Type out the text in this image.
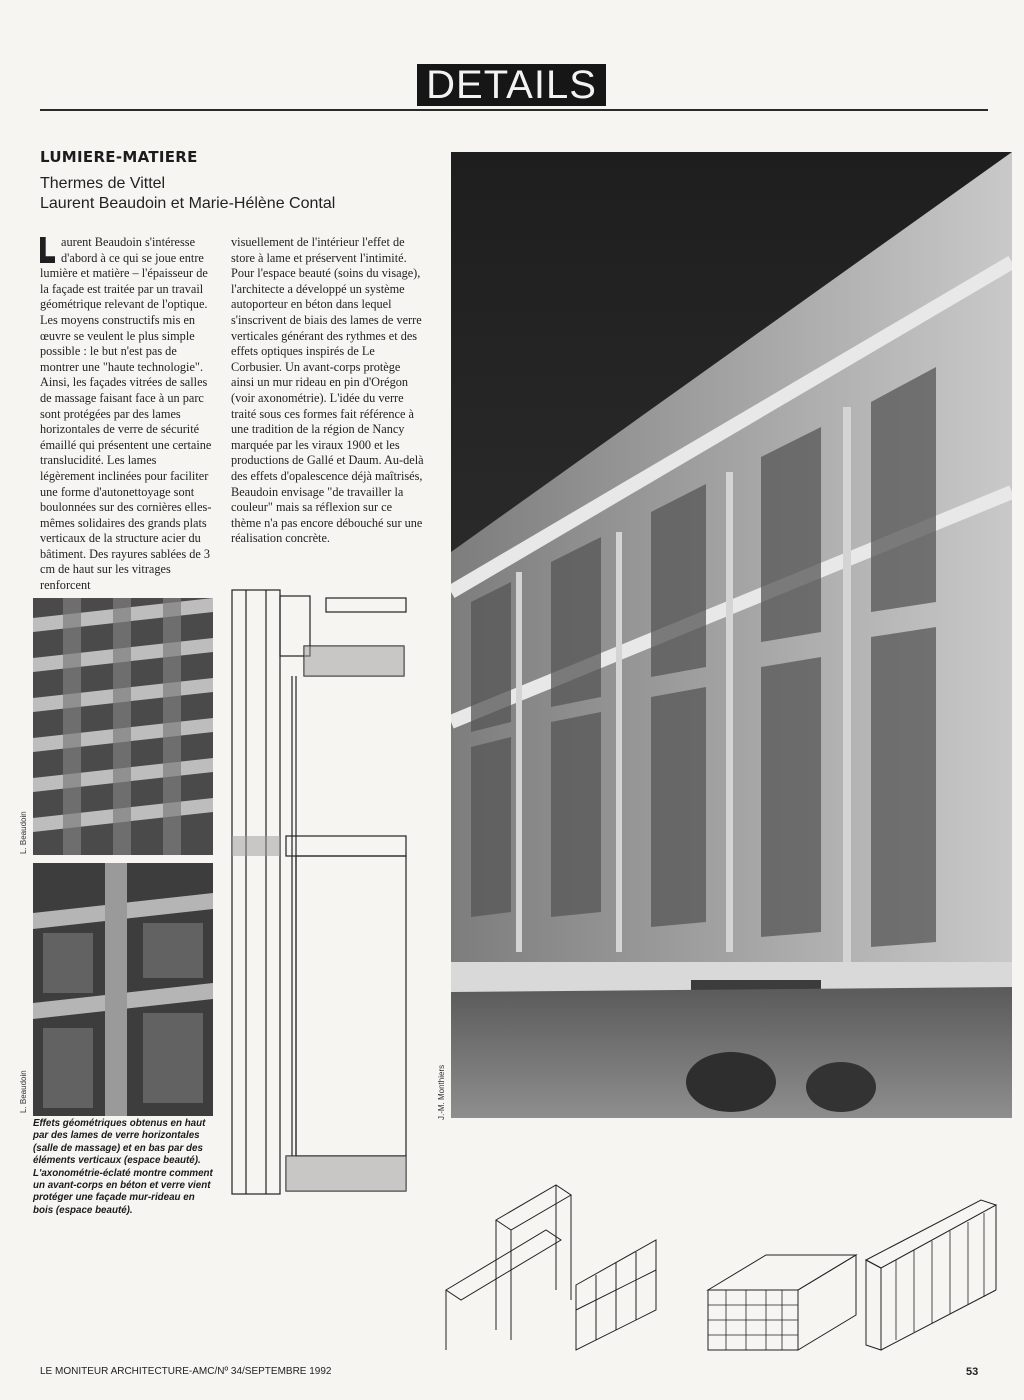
DETAILS
LUMIERE-MATIERE
Thermes de Vittel
Laurent Beaudoin et Marie-Hélène Contal
aurent Beaudoin s'intéresse d'abord à ce qui se joue entre lumière et matière – l'épaisseur de la façade est traitée par un travail géométrique relevant de l'optique. Les moyens constructifs mis en œuvre se veulent le plus simple possible : le but n'est pas de montrer une "haute technologie". Ainsi, les façades vitrées de salles de massage faisant face à un parc sont protégées par des lames horizontales de verre de sécurité émaillé qui présentent une certaine translucidité. Les lames légèrement inclinées pour faciliter une forme d'autonettoyage sont boulonnées sur des cornières elles-mêmes solidaires des grands plats verticaux de la structure acier du bâtiment. Des rayures sablées de 3 cm de haut sur les vitrages renforcent
visuellement de l'intérieur l'effet de store à lame et préservent l'intimité. Pour l'espace beauté (soins du visage), l'architecte a développé un système autoporteur en béton dans lequel s'inscrivent de biais des lames de verre verticales générant des rythmes et des effets optiques inspirés de Le Corbusier. Un avant-corps protège ainsi un mur rideau en pin d'Orégon (voir axonométrie). L'idée du verre traité sous ces formes fait référence à une tradition de la région de Nancy marquée par les viraux 1900 et les productions de Gallé et Daum. Au-delà des effets d'opalescence déjà maîtrisés, Beaudoin envisage "de travailler la couleur" mais sa réflexion sur ce thème n'a pas encore débouché sur une réalisation concrète.
J.-M. Monthiers
L. Beaudoin
L. Beaudoin
Effets géométriques obtenus en haut par des lames de verre horizontales (salle de massage) et en bas par des éléments verticaux (espace beauté). L'axonométrie-éclaté montre comment un avant-corps en béton et verre vient protéger une façade mur-rideau en bois (espace beauté).
LE MONITEUR ARCHITECTURE-AMC/Nº 34/SEPTEMBRE 1992	53
